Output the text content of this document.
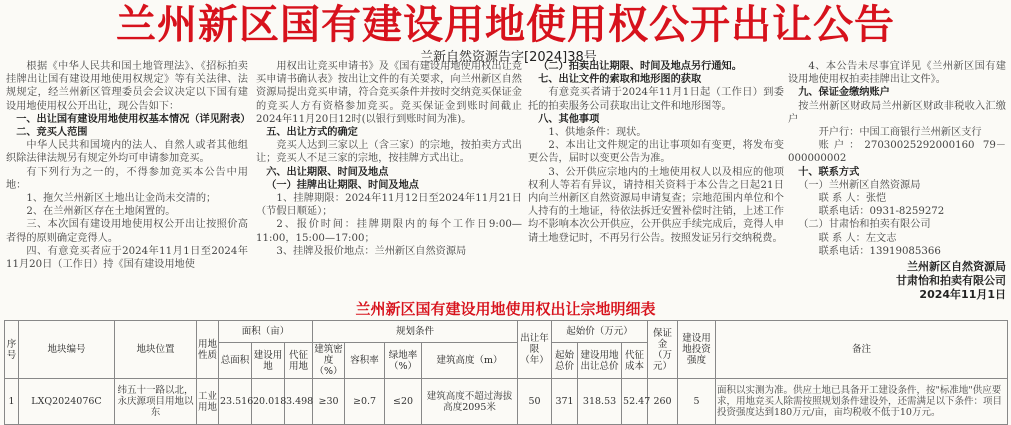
兰州新区国有建设用地使用权公开出让公告
兰新自然资源告字[2024]38号

根据《中华人民共和国土地管理法》、《招标拍卖挂牌出让国有建设用地使用权规定》等有关法律、法规规定，经兰州新区管理委员会会议决定以下国有建设用地使用权公开出让，现公告如下：

一、出让国有建设用地使用权基本情况（详见附表）

二、竞买人范围

中华人民共和国境内的法人、自然人或者其他组织除法律法规另有规定外均可申请参加竞买。

有下列行为之一的，不得参加竞买本公告中用地：

1、拖欠兰州新区土地出让金尚未交清的；

2、在兰州新区存在土地闲置的。

三、本次国有建设用地使用权公开出让按照价高者得的原则确定竞得人。

四、有意竞买者应于2024年11月1日至2024年11月20日（工作日）持《国有建设用地使

用权出让竞买申请书》及《国有建设用地使用权出让竞买申请书确认表》按出让文件的有关要求，向兰州新区自然资源局提出竞买申请，符合竞买条件并按时交纳竞买保证金的竞买人方有资格参加竞买。竞买保证金到账时间截止2024年11月20日12时(以银行到账时间为准)。

五、出让方式的确定

竞买人达到三家以上（含三家）的宗地，按拍卖方式出让；竞买人不足三家的宗地，按挂牌方式出让。

六、出让期限、时间及地点

（一）挂牌出让期限、时间及地点

1、挂牌期限：2024年11月12日至2024年11月21日（节假日顺延）；

2、报价时间：挂牌期限内的每个工作日9:00—11:00，15:00—17:00；

3、挂牌及报价地点：兰州新区自然资源局

（二）拍卖出让期限、时间及地点另行通知。

七、出让文件的索取和地形图的获取

有意竞买者请于2024年11月1日起（工作日）到委托的拍卖服务公司获取出让文件和地形图等。

八、其他事项

1、供地条件：现状。

2、本出让文件规定的出让事项如有变更，将发布变更公告，届时以变更公告为准。

3、公开供应宗地内的土地使用权人以及相应的他项权利人等若有异议，请持相关资料于本公告之日起21日内向兰州新区自然资源局申请复查；宗地范围内单位和个人持有的土地证，待依法拆迁安置补偿时注销，上述工作均不影响本次公开供应，公开供应手续完成后，竞得人申请土地登记时，不再另行公告。按照发证另行交纳税费。

4、本公告未尽事宜详见《兰州新区国有建设用地使用权拍卖挂牌出让文件》。

九、保证金缴纳账户

按兰州新区财政局兰州新区财政非税收入汇缴户

开户行：中国工商银行兰州新区支行

账户：27030025292000160 79－000000002

十、联系方式

（一）兰州新区自然资源局

联 系 人：张恺

联系电话：0931-8259272

（二）甘肃怡和拍卖有限公司

联 系 人：左文志

联系电话：13919085366

兰州新区自然资源局
甘肃怡和拍卖有限公司
2024年11月1日
兰州新区国有建设用地使用权出让宗地明细表
序号	地块编号	地块位置	用地性质	面积（亩）			规划条件				出让年限（年）	起始价（万元）			保证金（万元）	建设用地投资强度	备注
				总面积	建设用地	代征用地	建筑密度（%）	容积率	绿地率（%）	建筑高度（m）		起始总价	建设用地出让总价	代征成本			
1	LXQ2024076C	纬五十一路以北，永庆源项目用地以东	工业用地	23.516	20.018	3.498	≥30	≥0.7	≤20	建筑高度不超过海拔高度2095米	50	371	318.53	52.47	260	5	面积以实测为准。供应土地已具备开工建设条件，按"标准地"供应要求，用地竞买人除需按照规划条件建设外，还需满足以下条件：项目投资强度达到180万元/亩，亩均税收不低于10万元。
